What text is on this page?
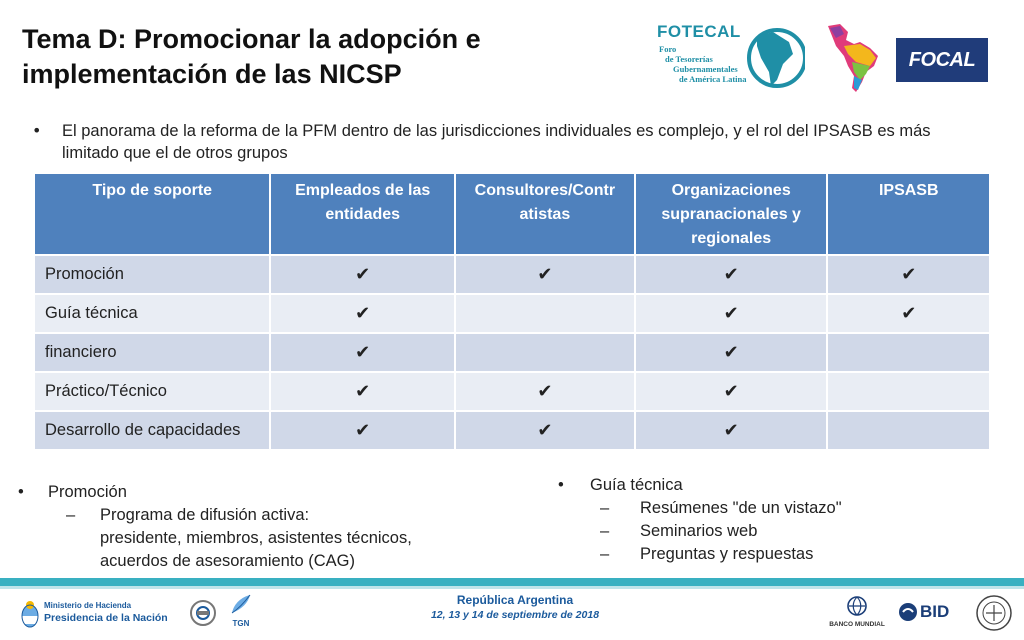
Tema D: Promocionar la adopción e
implementación de las NICSP
FOTECAL
Foro
de Tesorerías
Gubernamentales
de América Latina
FOCAL
• El panorama de la reforma de la PFM dentro de las jurisdicciones individuales es complejo, y el rol del IPSASB es más limitado que el de otros grupos
Tipo de soporte	Empleados de las entidades	Consultores/Contr atistas	Organizaciones supranacionales y regionales	IPSASB
Promoción	✔	✔	✔	✔
Guía técnica	✔		✔	✔
financiero	✔		✔	
Práctico/Técnico	✔	✔	✔	
Desarrollo de capacidades	✔	✔	✔	
• Promoción
– Programa de difusión activa:
presidente, miembros, asistentes técnicos,
acuerdos de asesoramiento (CAG)
• Guía técnica
– Resúmenes "de un vistazo"
– Seminarios web
– Preguntas y respuestas
Ministerio de Hacienda
Presidencia de la Nación	TGN
República Argentina
12, 13 y 14 de septiembre de 2018
BANCO MUNDIAL
BID
